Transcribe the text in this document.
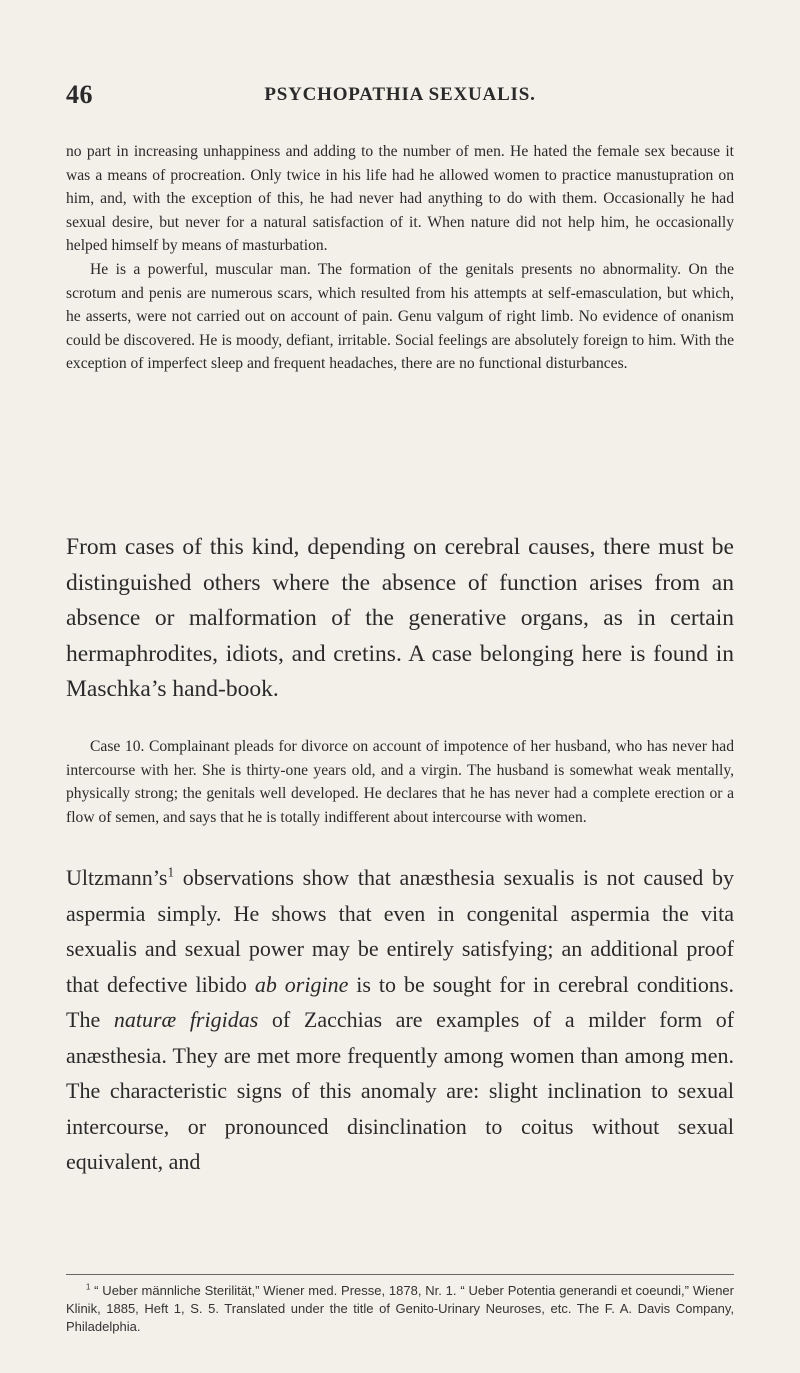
46	PSYCHOPATHIA SEXUALIS.

no part in increasing unhappiness and adding to the number of men. He hated the female sex because it was a means of procreation. Only twice in his life had he allowed women to practice manustupration on him, and, with the exception of this, he had never had anything to do with them. Occasionally he had sexual desire, but never for a natural satisfaction of it. When nature did not help him, he occasionally helped himself by means of masturbation.

He is a powerful, muscular man. The formation of the genitals presents no abnormality. On the scrotum and penis are numerous scars, which resulted from his attempts at self-emasculation, but which, he asserts, were not carried out on account of pain. Genu valgum of right limb. No evidence of onanism could be discovered. He is moody, defiant, irritable. Social feelings are absolutely foreign to him. With the exception of imperfect sleep and frequent headaches, there are no functional disturbances.

From cases of this kind, depending on cerebral causes, there must be distinguished others where the absence of function arises from an absence or malformation of the generative organs, as in certain hermaphrodites, idiots, and cretins. A case belonging here is found in Maschka’s hand-book.

Case 10. Complainant pleads for divorce on account of impotence of her husband, who has never had intercourse with her. She is thirty-one years old, and a virgin. The husband is somewhat weak mentally, physically strong; the genitals well developed. He declares that he has never had a complete erection or a flow of semen, and says that he is totally indifferent about intercourse with women.

$Ultzmann’s^1$ observations show that anæsthesia sexualis is not caused by aspermia simply. He shows that even in congenital aspermia the vita sexualis and sexual power may be entirely satisfying; an additional proof that defective libido ab origine is to be sought for in cerebral conditions. The naturæ frigidas of Zacchias are examples of a milder form of anæsthesia. They are met more frequently among women than among men. The characteristic signs of this anomaly are: slight inclination to sexual intercourse, or pronounced disinclination to coitus without sexual equivalent, and

$^1$ “ Ueber männliche Sterilität,” Wiener med. Presse, 1878, Nr. 1. “ Ueber Potentia generandi et coeundi,” Wiener Klinik, 1885, Heft 1, S. 5. Translated under the title of Genito-Urinary Neuroses, etc. The F. A. Davis Company, Philadelphia.
